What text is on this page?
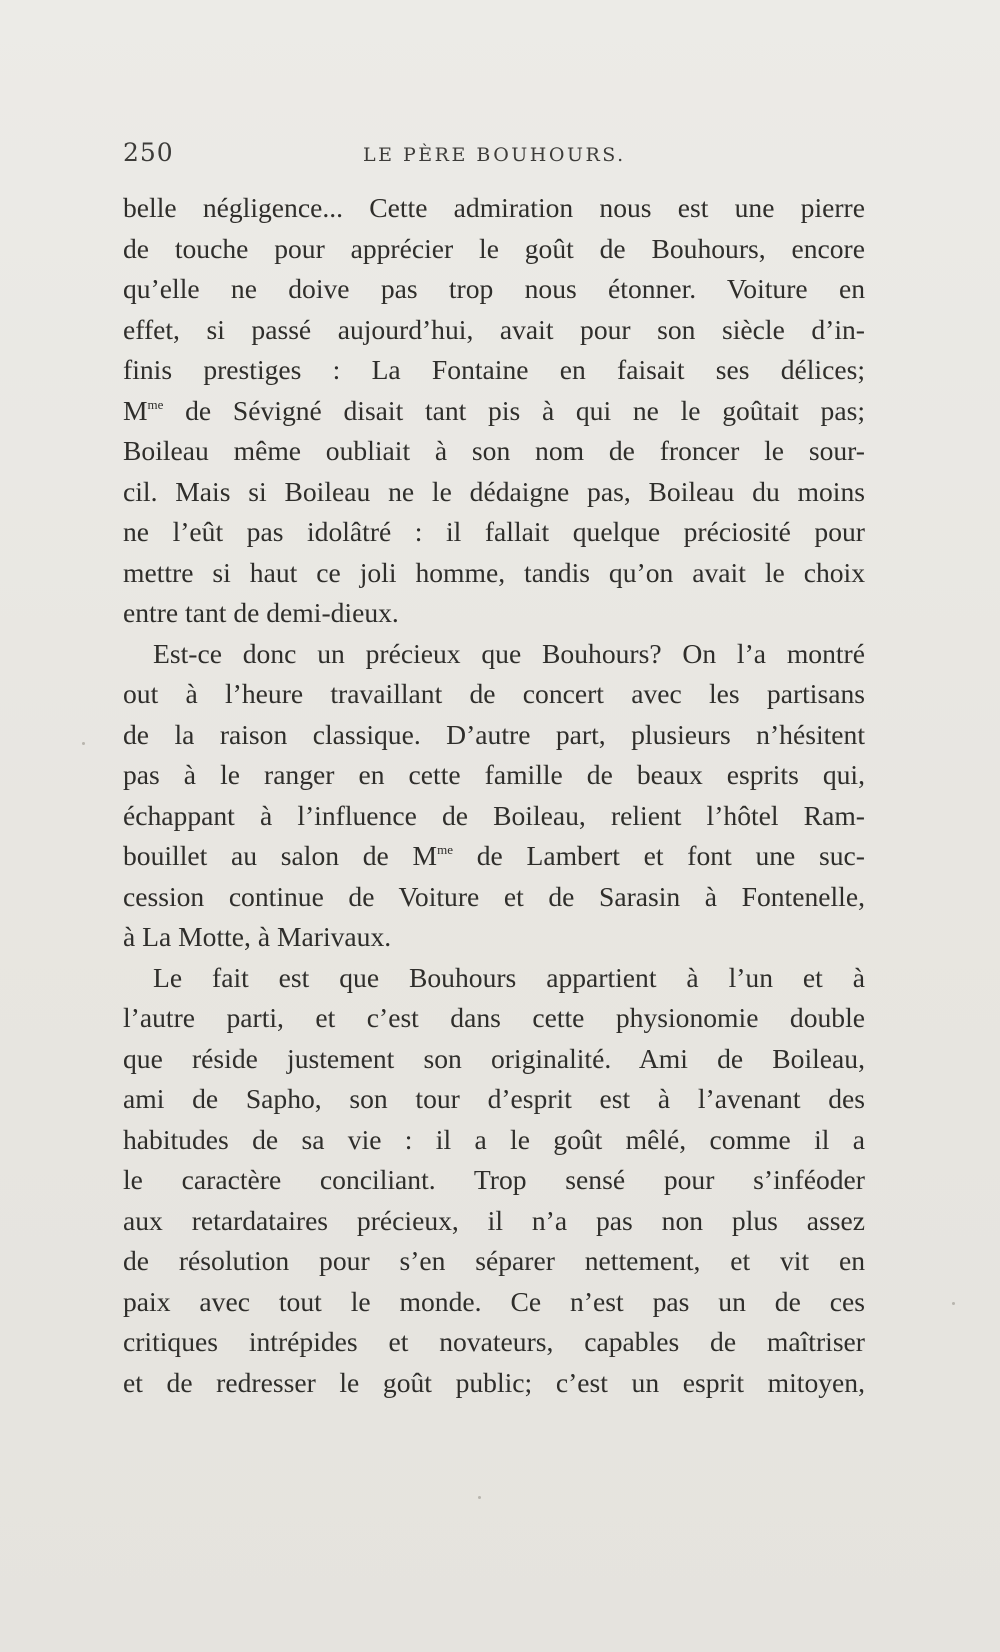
250	LE PÈRE BOUHOURS.
belle négligence... Cette admiration nous est une pierre
de touche pour apprécier le goût de Bouhours, encore
qu’elle ne doive pas trop nous étonner. Voiture en
effet, si passé aujourd’hui, avait pour son siècle d’in-
finis prestiges : La Fontaine en faisait ses délices;
$M^{me}$ de Sévigné disait tant pis à qui ne le goûtait pas;
Boileau même oubliait à son nom de froncer le sour-
cil. Mais si Boileau ne le dédaigne pas, Boileau du moins
ne l’eût pas idolâtré : il fallait quelque préciosité pour
mettre si haut ce joli homme, tandis qu’on avait le choix
entre tant de demi-dieux.
Est-ce donc un précieux que Bouhours? On l’a montré
out à l’heure travaillant de concert avec les partisans
de la raison classique. D’autre part, plusieurs n’hésitent
pas à le ranger en cette famille de beaux esprits qui,
échappant à l’influence de Boileau, relient l’hôtel Ram-
bouillet au salon de $M^{me}$ de Lambert et font une suc-
cession continue de Voiture et de Sarasin à Fontenelle,
à La Motte, à Marivaux.
Le fait est que Bouhours appartient à l’un et à
l’autre parti, et c’est dans cette physionomie double
que réside justement son originalité. Ami de Boileau,
ami de Sapho, son tour d’esprit est à l’avenant des
habitudes de sa vie : il a le goût mêlé, comme il a
le caractère conciliant. Trop sensé pour s’inféoder
aux retardataires précieux, il n’a pas non plus assez
de résolution pour s’en séparer nettement, et vit en
paix avec tout le monde. Ce n’est pas un de ces
critiques intrépides et novateurs, capables de maîtriser
et de redresser le goût public; c’est un esprit mitoyen,
